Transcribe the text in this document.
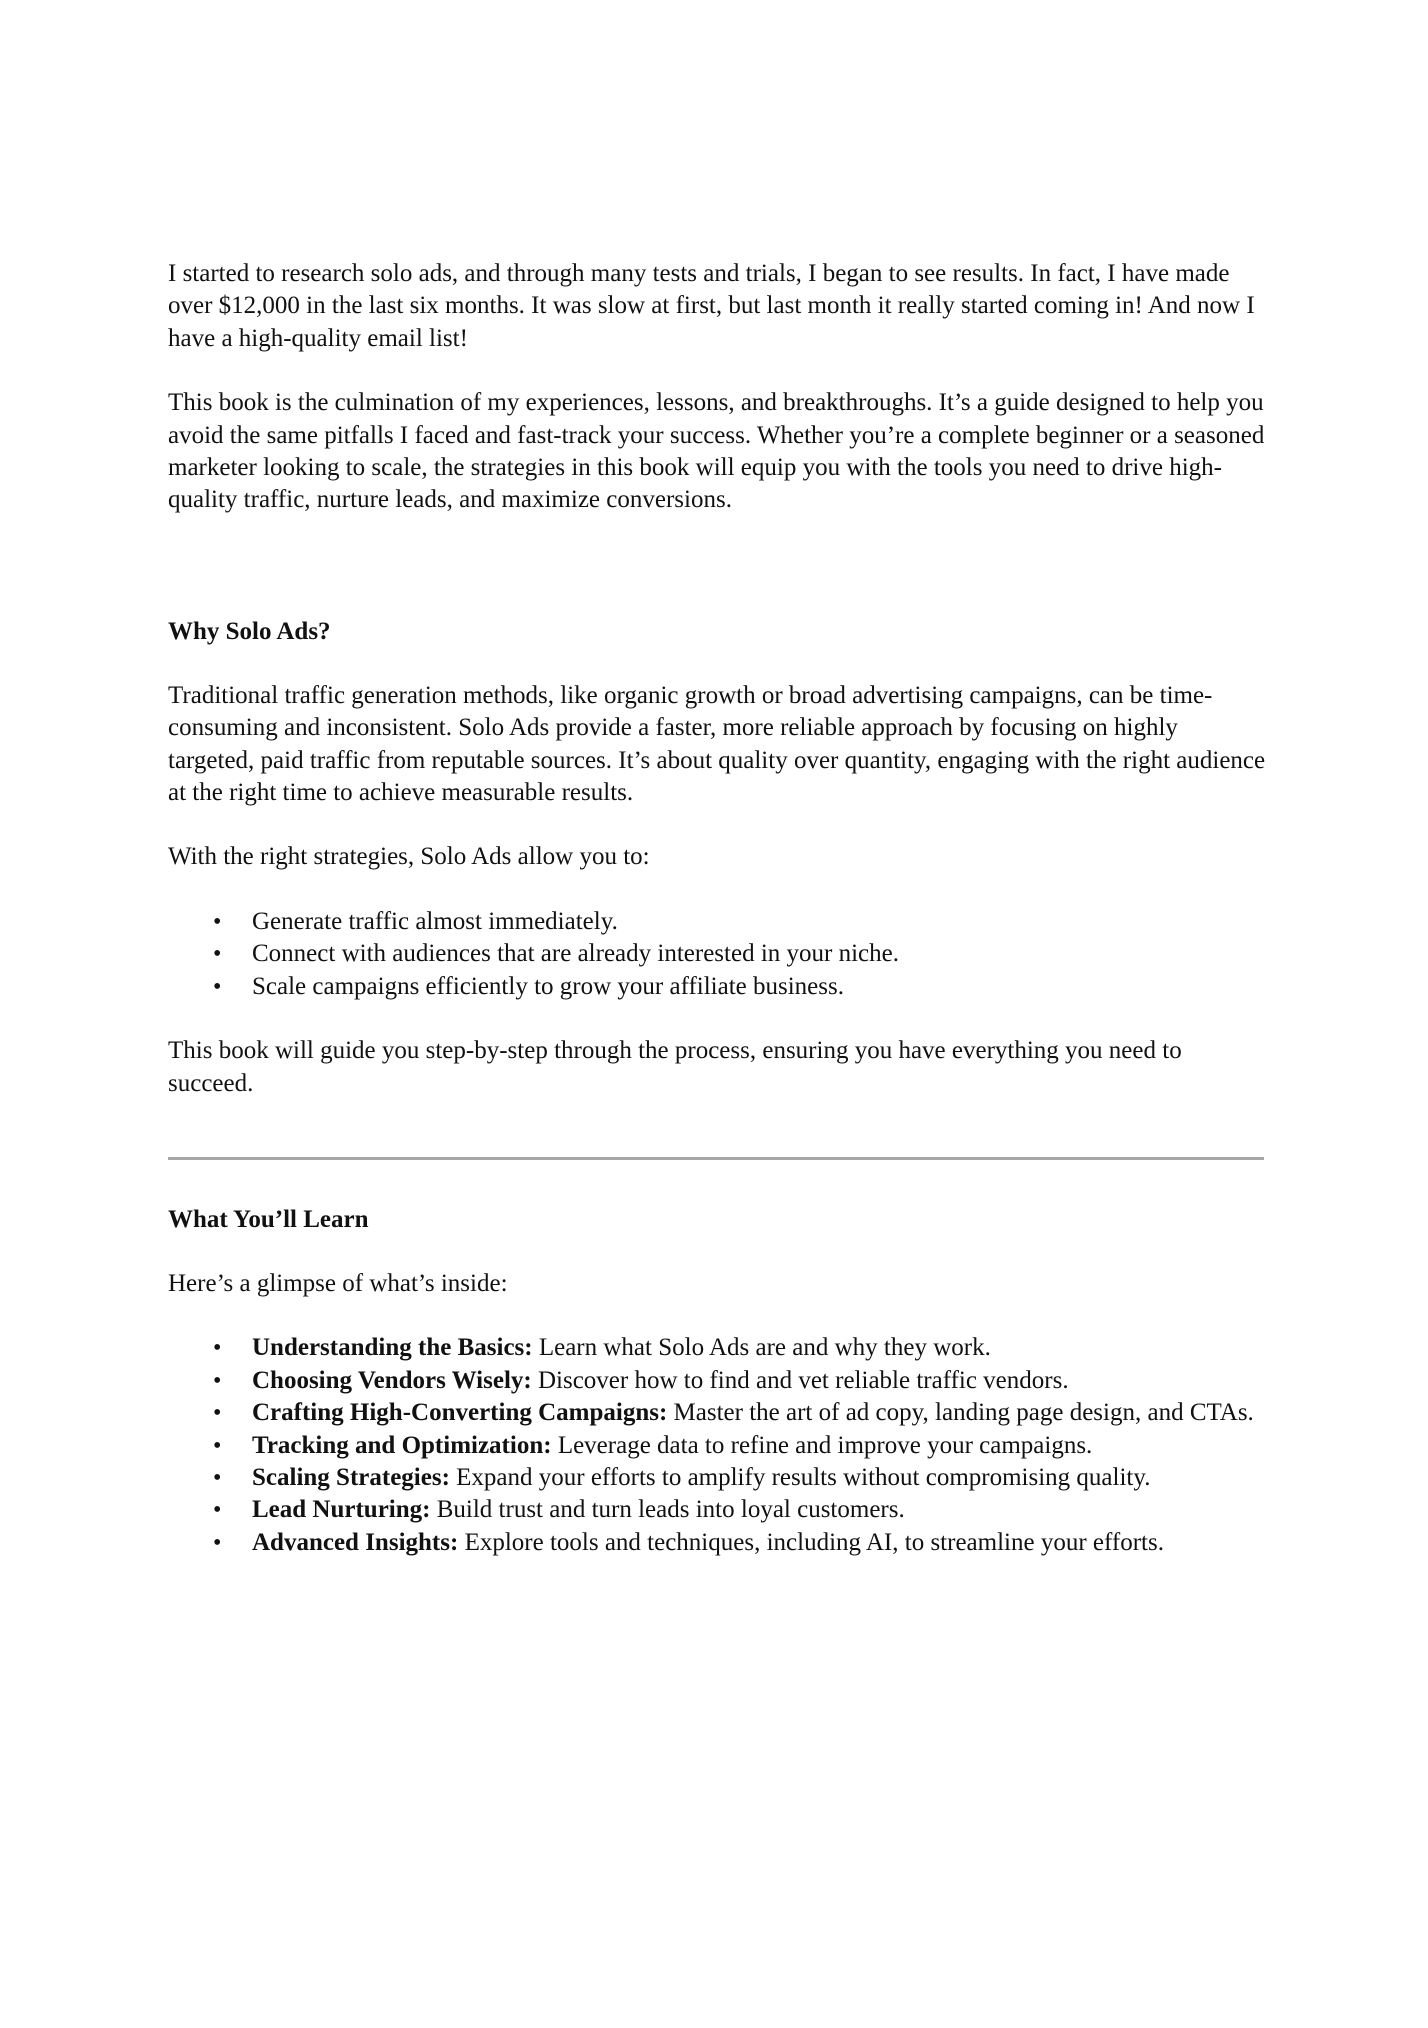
I started to research solo ads, and through many tests and trials, I began to see results. In fact, I have made over $12,000 in the last six months. It was slow at first, but last month it really started coming in! And now I have a high-quality email list!

This book is the culmination of my experiences, lessons, and breakthroughs. It’s a guide designed to help you avoid the same pitfalls I faced and fast-track your success. Whether you’re a complete beginner or a seasoned marketer looking to scale, the strategies in this book will equip you with the tools you need to drive high-quality traffic, nurture leads, and maximize conversions.

Why Solo Ads?

Traditional traffic generation methods, like organic growth or broad advertising campaigns, can be time-consuming and inconsistent. Solo Ads provide a faster, more reliable approach by focusing on highly targeted, paid traffic from reputable sources. It’s about quality over quantity, engaging with the right audience at the right time to achieve measurable results.

With the right strategies, Solo Ads allow you to:

• Generate traffic almost immediately.
• Connect with audiences that are already interested in your niche.
• Scale campaigns efficiently to grow your affiliate business.

This book will guide you step-by-step through the process, ensuring you have everything you need to succeed.

What You’ll Learn

Here’s a glimpse of what’s inside:

• Understanding the Basics: Learn what Solo Ads are and why they work.
• Choosing Vendors Wisely: Discover how to find and vet reliable traffic vendors.
• Crafting High-Converting Campaigns: Master the art of ad copy, landing page design, and CTAs.
• Tracking and Optimization: Leverage data to refine and improve your campaigns.
• Scaling Strategies: Expand your efforts to amplify results without compromising quality.
• Lead Nurturing: Build trust and turn leads into loyal customers.
• Advanced Insights: Explore tools and techniques, including AI, to streamline your efforts.
